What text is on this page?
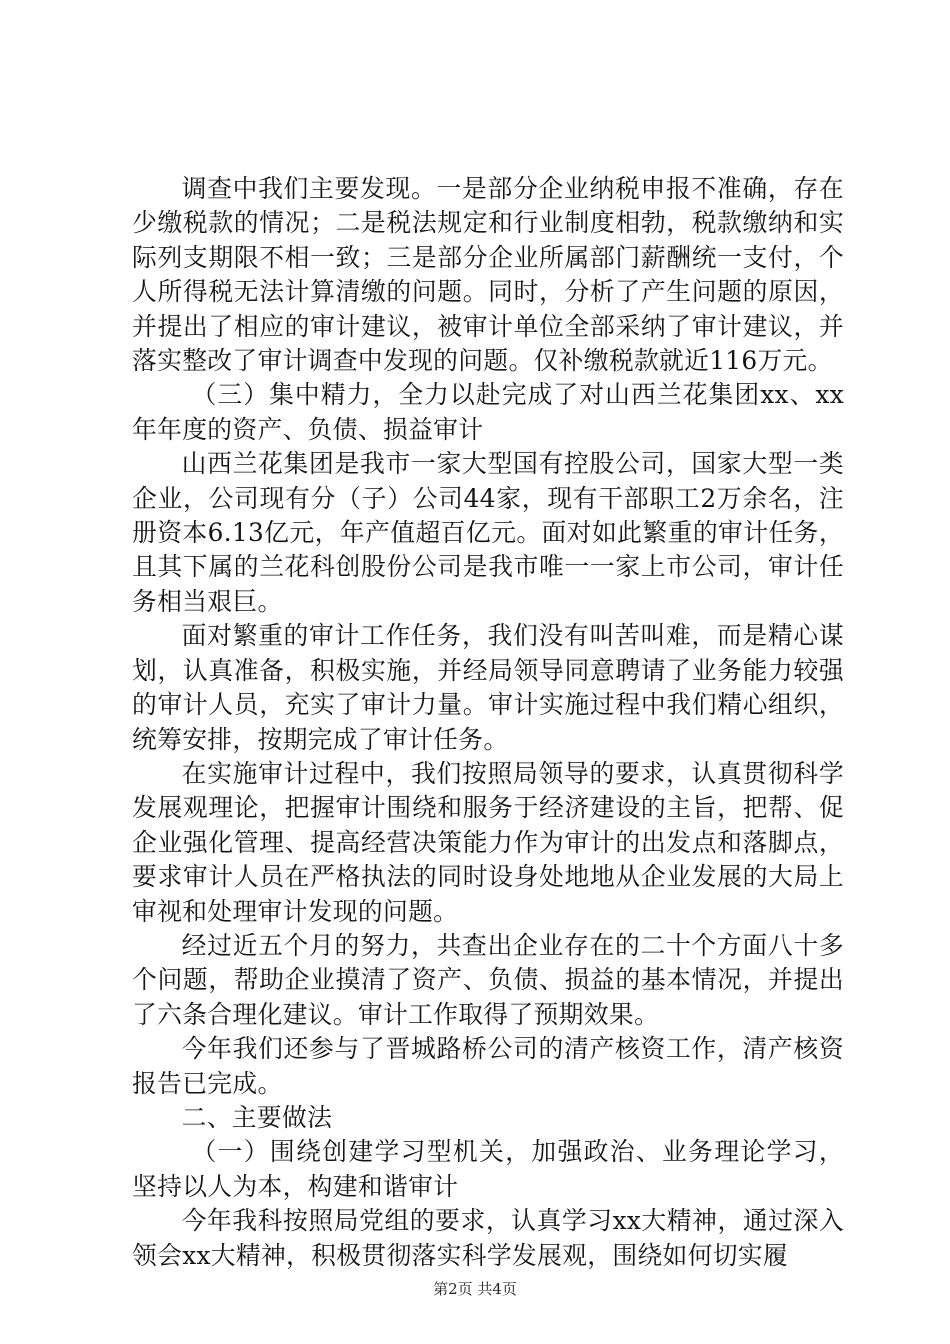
调查中我们主要发现。一是部分企业纳税申报不准确，存在少缴税款的情况；二是税法规定和行业制度相勃，税款缴纳和实际列支期限不相一致；三是部分企业所属部门薪酬统一支付，个人所得税无法计算清缴的问题。同时，分析了产生问题的原因，并提出了相应的审计建议，被审计单位全部采纳了审计建议，并落实整改了审计调查中发现的问题。仅补缴税款就近116万元。

（三）集中精力，全力以赴完成了对山西兰花集团xx、xx年年度的资产、负债、损益审计

山西兰花集团是我市一家大型国有控股公司，国家大型一类企业，公司现有分（子）公司44家，现有干部职工2万余名，注册资本6.13亿元，年产值超百亿元。面对如此繁重的审计任务，且其下属的兰花科创股份公司是我市唯一一家上市公司，审计任务相当艰巨。

面对繁重的审计工作任务，我们没有叫苦叫难，而是精心谋划，认真准备，积极实施，并经局领导同意聘请了业务能力较强的审计人员，充实了审计力量。审计实施过程中我们精心组织，统筹安排，按期完成了审计任务。

在实施审计过程中，我们按照局领导的要求，认真贯彻科学发展观理论，把握审计围绕和服务于经济建设的主旨，把帮、促企业强化管理、提高经营决策能力作为审计的出发点和落脚点，要求审计人员在严格执法的同时设身处地地从企业发展的大局上审视和处理审计发现的问题。

经过近五个月的努力，共查出企业存在的二十个方面八十多个问题，帮助企业摸清了资产、负债、损益的基本情况，并提出了六条合理化建议。审计工作取得了预期效果。

今年我们还参与了晋城路桥公司的清产核资工作，清产核资报告已完成。

二、主要做法

（一）围绕创建学习型机关，加强政治、业务理论学习，坚持以人为本，构建和谐审计

今年我科按照局党组的要求，认真学习xx大精神，通过深入领会xx大精神，积极贯彻落实科学发展观，围绕如何切实履

第2页 共4页
